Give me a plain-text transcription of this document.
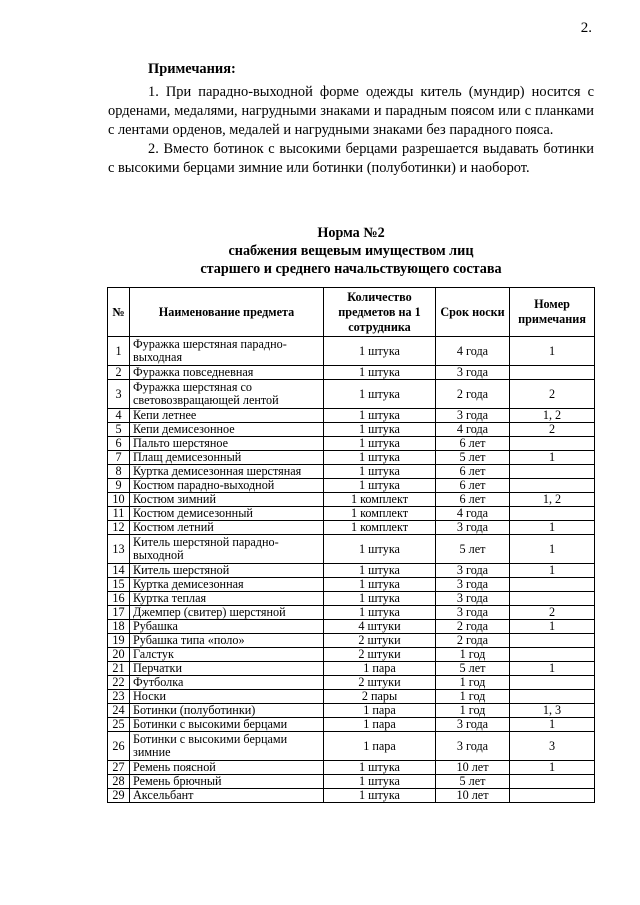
2.
Примечания:

1. При парадно-выходной форме одежды китель (мундир) носится с орденами, медалями, нагрудными знаками и парадным поясом или с планками с лентами орденов, медалей и нагрудными знаками без парадного пояса.

2. Вместо ботинок с высокими берцами разрешается выдавать ботинки с высокими берцами зимние или ботинки (полуботинки) и наоборот.

Норма №2
снабжения вещевым имуществом лиц
старшего и среднего начальствующего состава
№	Наименование предмета	Количество предметов на 1 сотрудника	Срок носки	Номер примечания
1	Фуражка шерстяная парадно-выходная	1 штука	4 года	1
2	Фуражка повседневная	1 штука	3 года	
3	Фуражка шерстяная со световозвращающей лентой	1 штука	2 года	2
4	Кепи летнее	1 штука	3 года	1, 2
5	Кепи демисезонное	1 штука	4 года	2
6	Пальто шерстяное	1 штука	6 лет	
7	Плащ демисезонный	1 штука	5 лет	1
8	Куртка демисезонная шерстяная	1 штука	6 лет	
9	Костюм парадно-выходной	1 штука	6 лет	
10	Костюм зимний	1 комплект	6 лет	1, 2
11	Костюм демисезонный	1 комплект	4 года	
12	Костюм летний	1 комплект	3 года	1
13	Китель шерстяной парадно-выходной	1 штука	5 лет	1
14	Китель шерстяной	1 штука	3 года	1
15	Куртка демисезонная	1 штука	3 года	
16	Куртка теплая	1 штука	3 года	
17	Джемпер (свитер) шерстяной	1 штука	3 года	2
18	Рубашка	4 штуки	2 года	1
19	Рубашка типа «поло»	2 штуки	2 года	
20	Галстук	2 штуки	1 год	
21	Перчатки	1 пара	5 лет	1
22	Футболка	2 штуки	1 год	
23	Носки	2 пары	1 год	
24	Ботинки (полуботинки)	1 пара	1 год	1, 3
25	Ботинки с высокими берцами	1 пара	3 года	1
26	Ботинки с высокими берцами зимние	1 пара	3 года	3
27	Ремень поясной	1 штука	10 лет	1
28	Ремень брючный	1 штука	5 лет	
29	Аксельбант	1 штука	10 лет	
